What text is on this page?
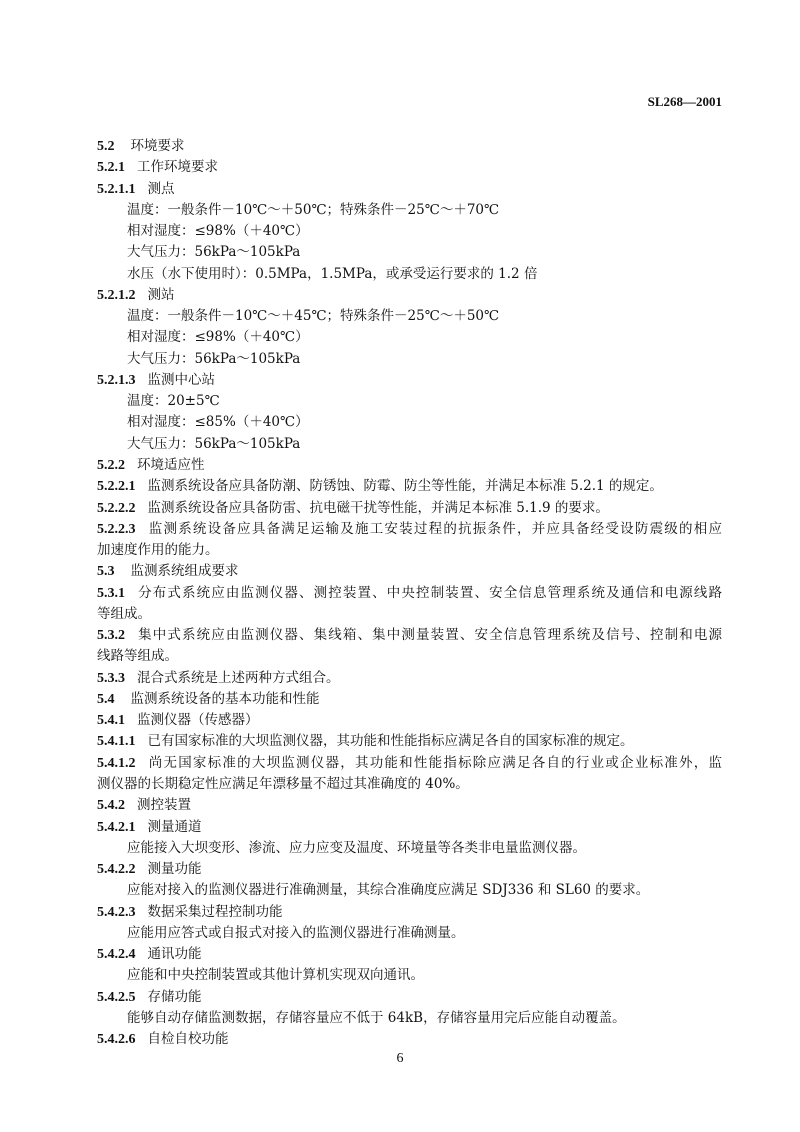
SL268—2001
5.2 环境要求
5.2.1 工作环境要求
5.2.1.1 测点
温度：一般条件－10℃～＋50℃；特殊条件－25℃～＋70℃
相对湿度：≤98%（＋40℃）
大气压力：56kPa～105kPa
水压（水下使用时）：0.5MPa，1.5MPa，或承受运行要求的 1.2 倍
5.2.1.2 测站
温度：一般条件－10℃～＋45℃；特殊条件－25℃～＋50℃
相对湿度：≤98%（＋40℃）
大气压力：56kPa～105kPa
5.2.1.3 监测中心站
温度：20±5℃
相对湿度：≤85%（＋40℃）
大气压力：56kPa～105kPa
5.2.2 环境适应性
5.2.2.1 监测系统设备应具备防潮、防锈蚀、防霉、防尘等性能，并满足本标准 5.2.1 的规定。
5.2.2.2 监测系统设备应具备防雷、抗电磁干扰等性能，并满足本标准 5.1.9 的要求。
5.2.2.3 监测系统设备应具备满足运输及施工安装过程的抗振条件，并应具备经受设防震级的相应
加速度作用的能力。
5.3 监测系统组成要求
5.3.1 分布式系统应由监测仪器、测控装置、中央控制装置、安全信息管理系统及通信和电源线路
等组成。
5.3.2 集中式系统应由监测仪器、集线箱、集中测量装置、安全信息管理系统及信号、控制和电源
线路等组成。
5.3.3 混合式系统是上述两种方式组合。
5.4 监测系统设备的基本功能和性能
5.4.1 监测仪器（传感器）
5.4.1.1 已有国家标准的大坝监测仪器，其功能和性能指标应满足各自的国家标准的规定。
5.4.1.2 尚无国家标准的大坝监测仪器，其功能和性能指标除应满足各自的行业或企业标准外，监
测仪器的长期稳定性应满足年漂移量不超过其准确度的 40%。
5.4.2 测控装置
5.4.2.1 测量通道
应能接入大坝变形、渗流、应力应变及温度、环境量等各类非电量监测仪器。
5.4.2.2 测量功能
应能对接入的监测仪器进行准确测量，其综合准确度应满足 SDJ336 和 SL60 的要求。
5.4.2.3 数据采集过程控制功能
应能用应答式或自报式对接入的监测仪器进行准确测量。
5.4.2.4 通讯功能
应能和中央控制装置或其他计算机实现双向通讯。
5.4.2.5 存储功能
能够自动存储监测数据，存储容量应不低于 64kB，存储容量用完后应能自动覆盖。
5.4.2.6 自检自校功能
6
